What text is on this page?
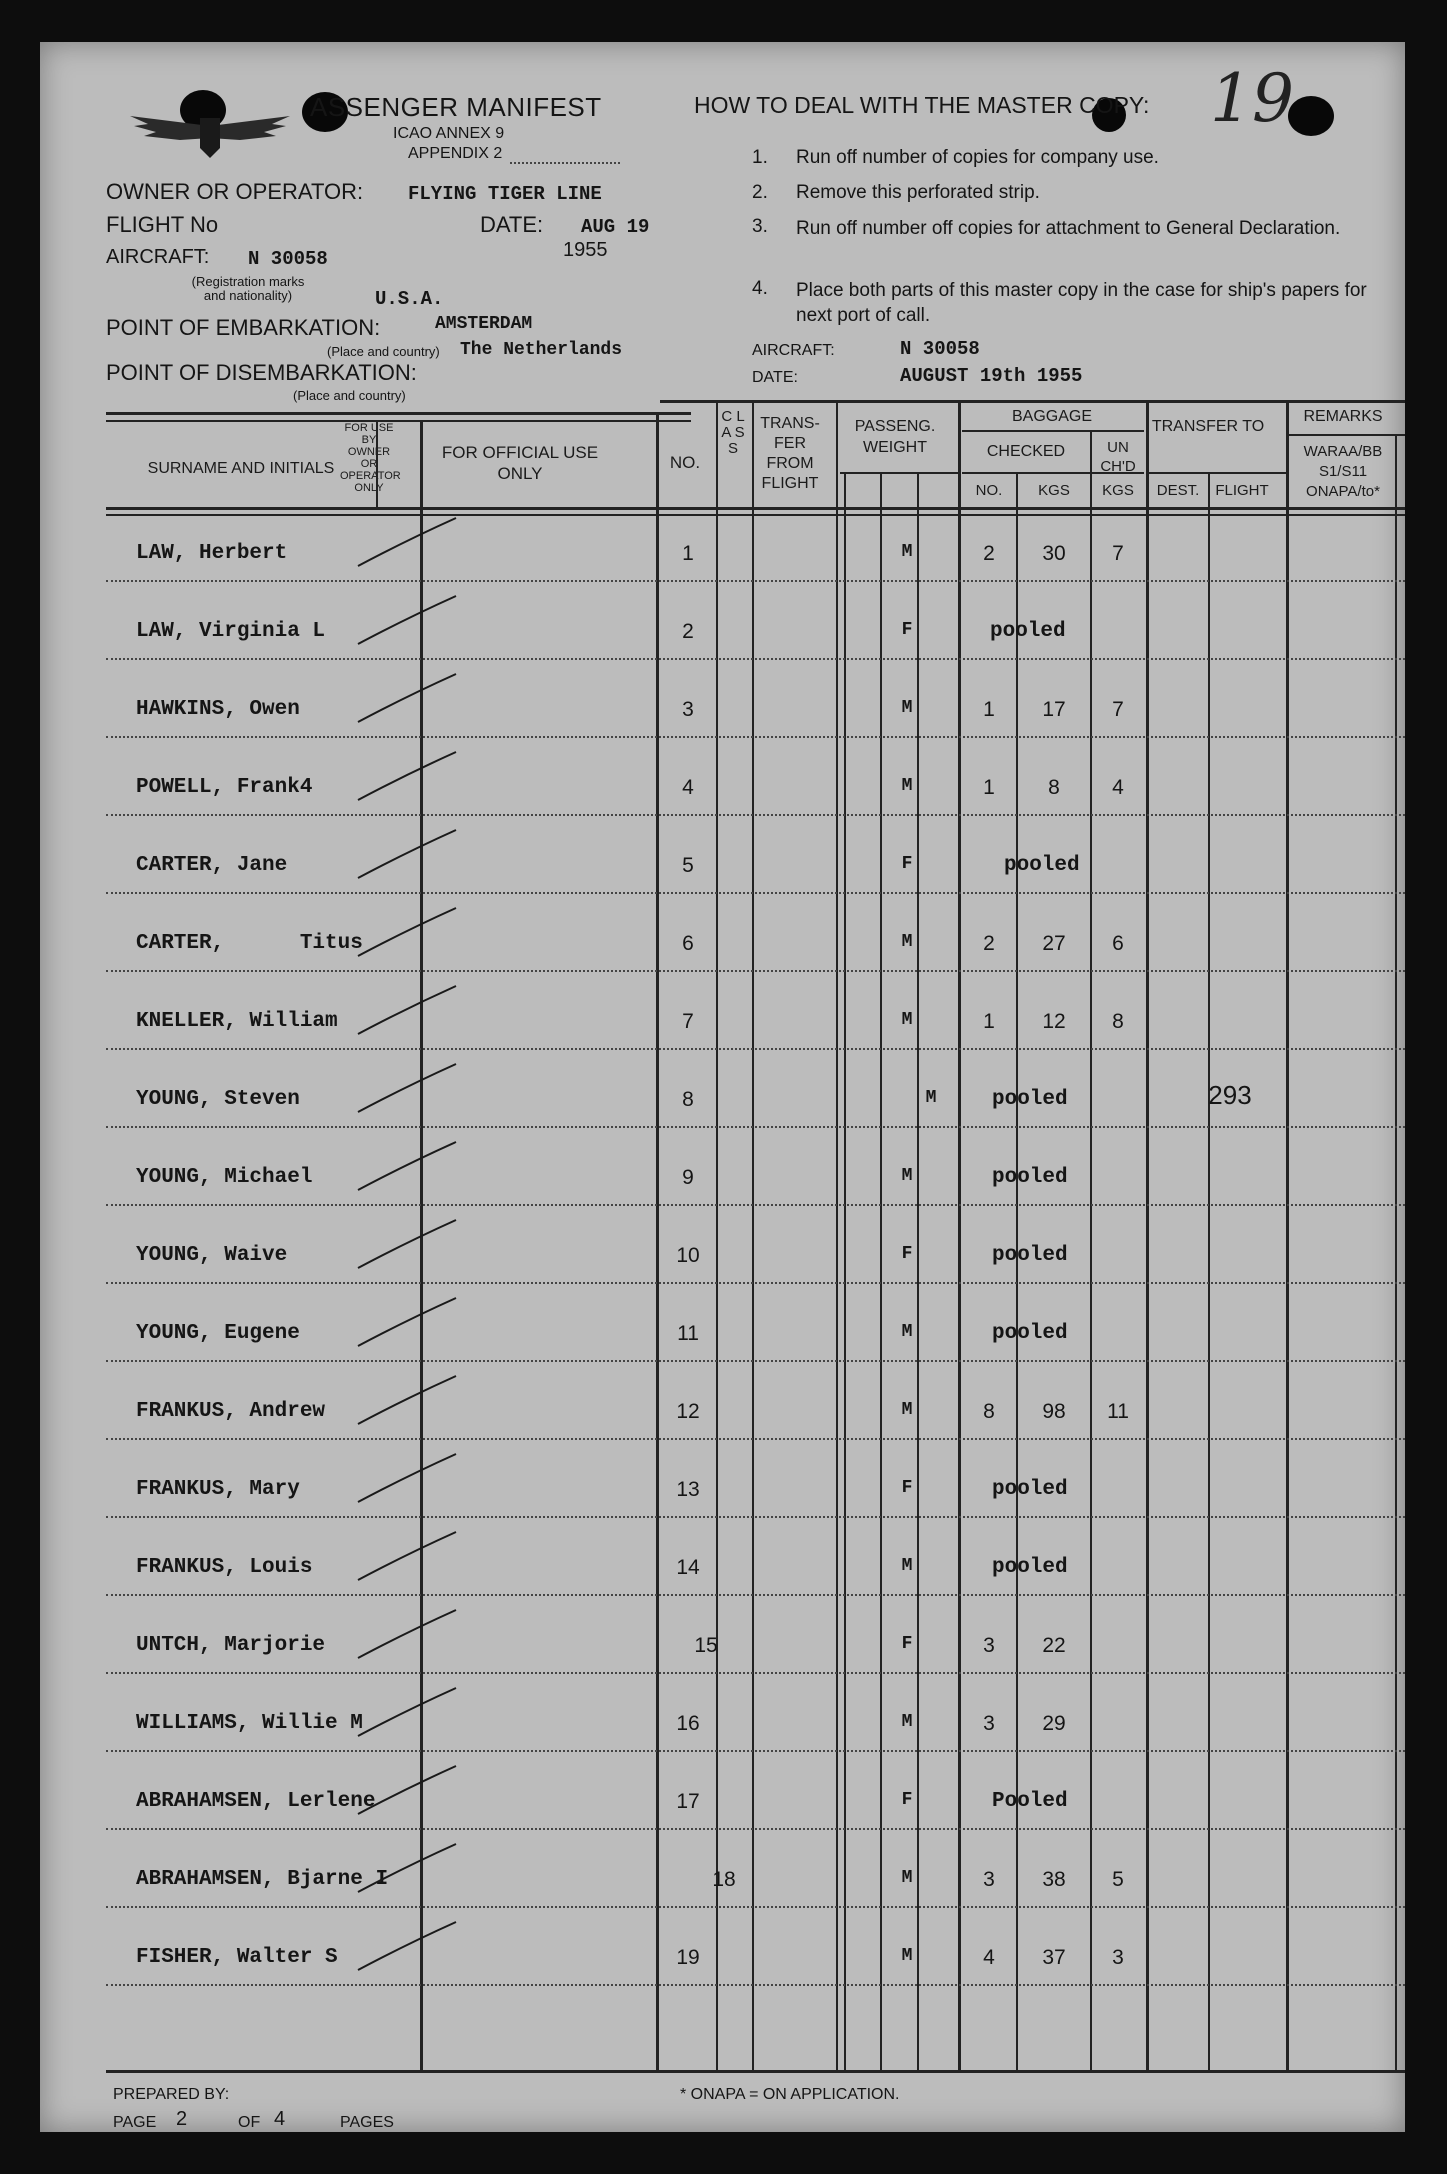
ASSENGER MANIFEST
ICAO ANNEX 9
APPENDIX 2
OWNER OR OPERATOR: FLYING TIGER LINE
FLIGHT No	DATE: AUG 19
1955
AIRCRAFT: N 30058
(Registration marks and nationality)	U.S.A.
POINT OF EMBARKATION:	AMSTERDAM
(Place and country) The Netherlands
POINT OF DISEMBARKATION:
(Place and country)
HOW TO DEAL WITH THE MASTER COPY: 19
1. Run off number of copies for company use.
2. Remove this perforated strip.
3. Run off number off copies for attachment to General Declaration.
4. Place both parts of this master copy in the case for ship's papers for next port of call.
AIRCRAFT:	N 30058
DATE:	AUGUST 19th 1955
SURNAME AND INITIALS
FOR USE BY OWNER OR OPERATOR ONLY
FOR OFFICIAL USE ONLY
NO.
C L A S S
TRANS- FER FROM FLIGHT
PASSENG. WEIGHT
BAGGAGE
CHECKED	UN CH'D
NO.	KGS	KGS
TRANSFER TO
DEST.	FLIGHT
REMARKS
WARAA/BB S1/S11 ONAPA/to*
LAW, Herbert	1	M	2	30	7
LAW, Virginia L	2	F	pooled
HAWKINS, Owen	3	M	1	17	7
POWELL, Frank4	4	M	1	8	4
CARTER, Jane	5	F	pooled
CARTER,      Titus	6	M	2	27	6
KNELLER, William	7	M	1	12	8
YOUNG, Steven	8	M	pooled	293
YOUNG, Michael	9	M	pooled
YOUNG, Waive	10	F	pooled
YOUNG, Eugene	11	M	pooled
FRANKUS, Andrew	12	M	8	98	11
FRANKUS, Mary	13	F	pooled
FRANKUS, Louis	14	M	pooled
UNTCH, Marjorie	15	F	3	22
WILLIAMS, Willie M	16	M	3	29
ABRAHAMSEN, Lerlene	17	F	Pooled
ABRAHAMSEN, Bjarne I	18	M	3	38	5
FISHER, Walter S	19	M	4	37	3
PREPARED BY:
PAGE 2	OF 4	PAGES
* ONAPA = ON APPLICATION.
